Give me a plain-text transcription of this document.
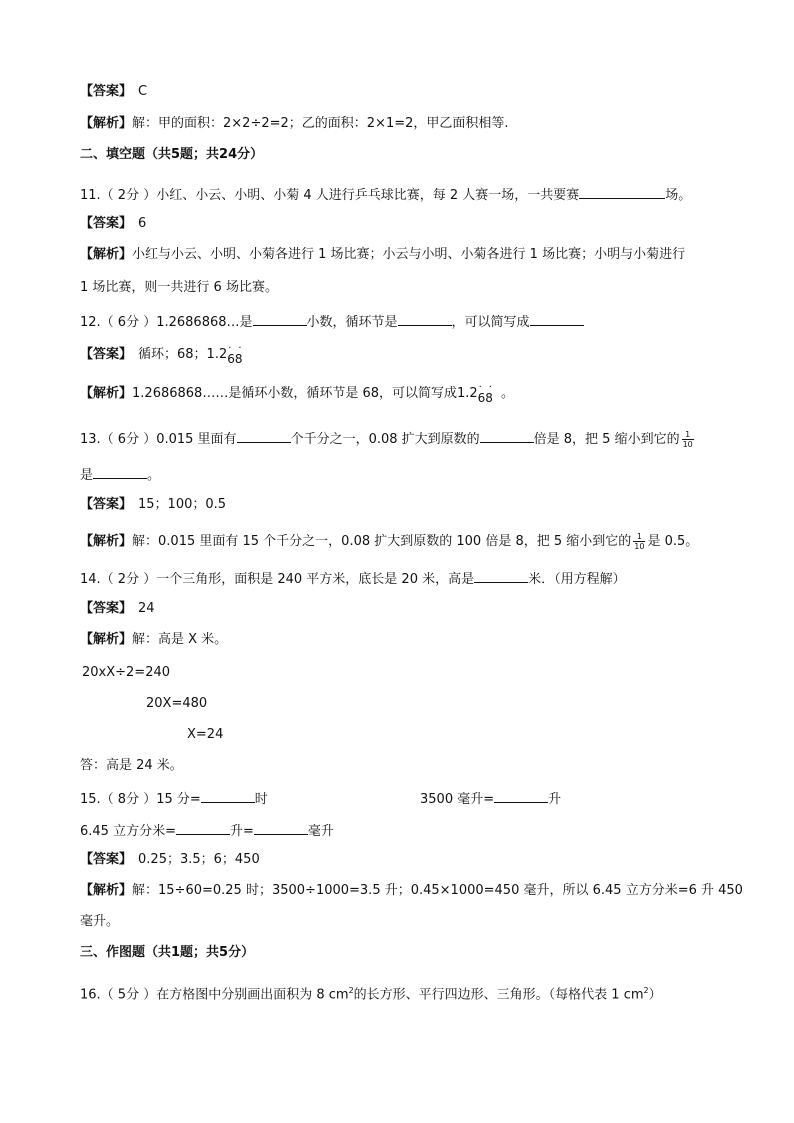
【答案】 C
【解析】解：甲的面积：2×2÷2=2；乙的面积：2×1=2，甲乙面积相等.
二、填空题（共5题；共24分）
11.（ 2分 ）小红、小云、小明、小菊 4 人进行乒乓球比赛，每 2 人赛一场，一共要赛	场。
【答案】 6
【解析】小红与小云、小明、小菊各进行 1 场比赛；小云与小明、小菊各进行 1 场比赛；小明与小菊进行
1 场比赛，则一共进行 6 场比赛。
12.（ 6分 ）1.2686868…是	小数，循环节是	，可以简写成
【答案】 循环；68；1.2 · ·
68
【解析】1.2686868……是循环小数，循环节是 68，可以简写成1.2 · ·
68 。
13.（ 6分 ）0.015 里面有	个千分之一，0.08 扩大到原数的	倍是 8，把 5 缩小到它的 $\frac{1}{10}$
是	。
【答案】 15；100；0.5
【解析】解：0.015 里面有 15 个千分之一，0.08 扩大到原数的 100 倍是 8，把 5 缩小到它的 $\frac{1}{10}$ 是 0.5。
14.（ 2分 ）一个三角形，面积是 240 平方米，底长是 20 米，高是	米．（用方程解）
【答案】 24
【解析】解：高是 X 米。
20xX÷2=240
20X=480
X=24
答：高是 24 米。
15.（ 8分 ）15 分=	时	3500 毫升=	升
6.45 立方分米=	升=	毫升
【答案】 0.25；3.5；6；450
【解析】解：15÷60=0.25 时；3500÷1000=3.5 升；0.45×1000=450 毫升，所以 6.45 立方分米=6 升 450
毫升。
三、作图题（共1题；共5分）
16.（ 5分 ）在方格图中分别画出面积为 8 $cm^2$的长方形、平行四边形、三角形。（每格代表 1 $cm^2$）
